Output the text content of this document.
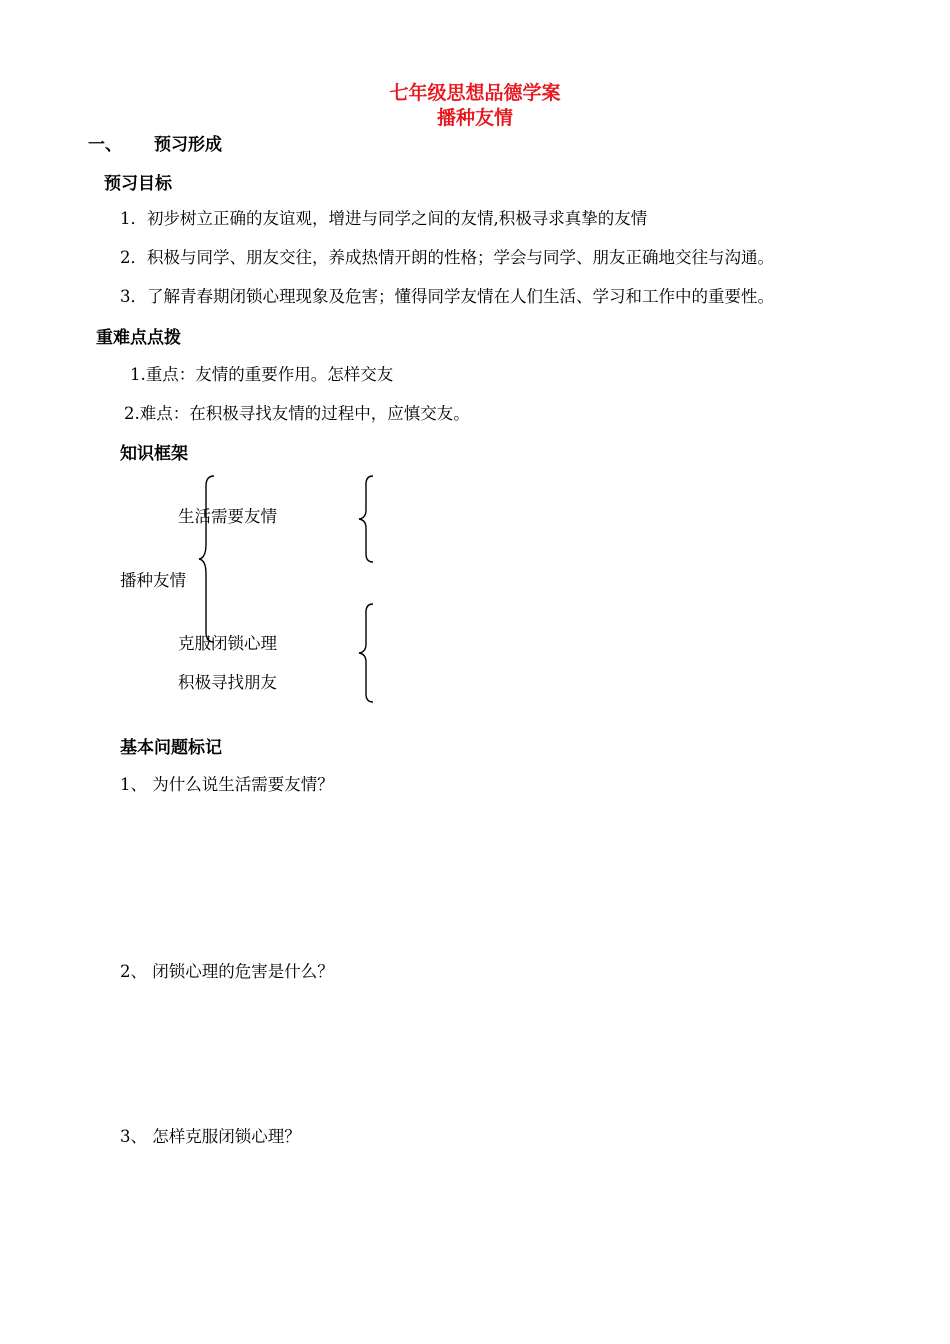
七年级思想品德学案
播种友情
一、 预习形成
预习目标
1．初步树立正确的友谊观，增进与同学之间的友情,积极寻求真挚的友情
2．积极与同学、朋友交往，养成热情开朗的性格；学会与同学、朋友正确地交往与沟通。
3．了解青春期闭锁心理现象及危害；懂得同学友情在人们生活、学习和工作中的重要性。
重难点点拨
1.重点：友情的重要作用。怎样交友
2.难点：在积极寻找友情的过程中，应慎交友。
知识框架
生活需要友情
播种友情
克服闭锁心理
积极寻找朋友
基本问题标记
1、 为什么说生活需要友情？
2、 闭锁心理的危害是什么？
3、 怎样克服闭锁心理？
